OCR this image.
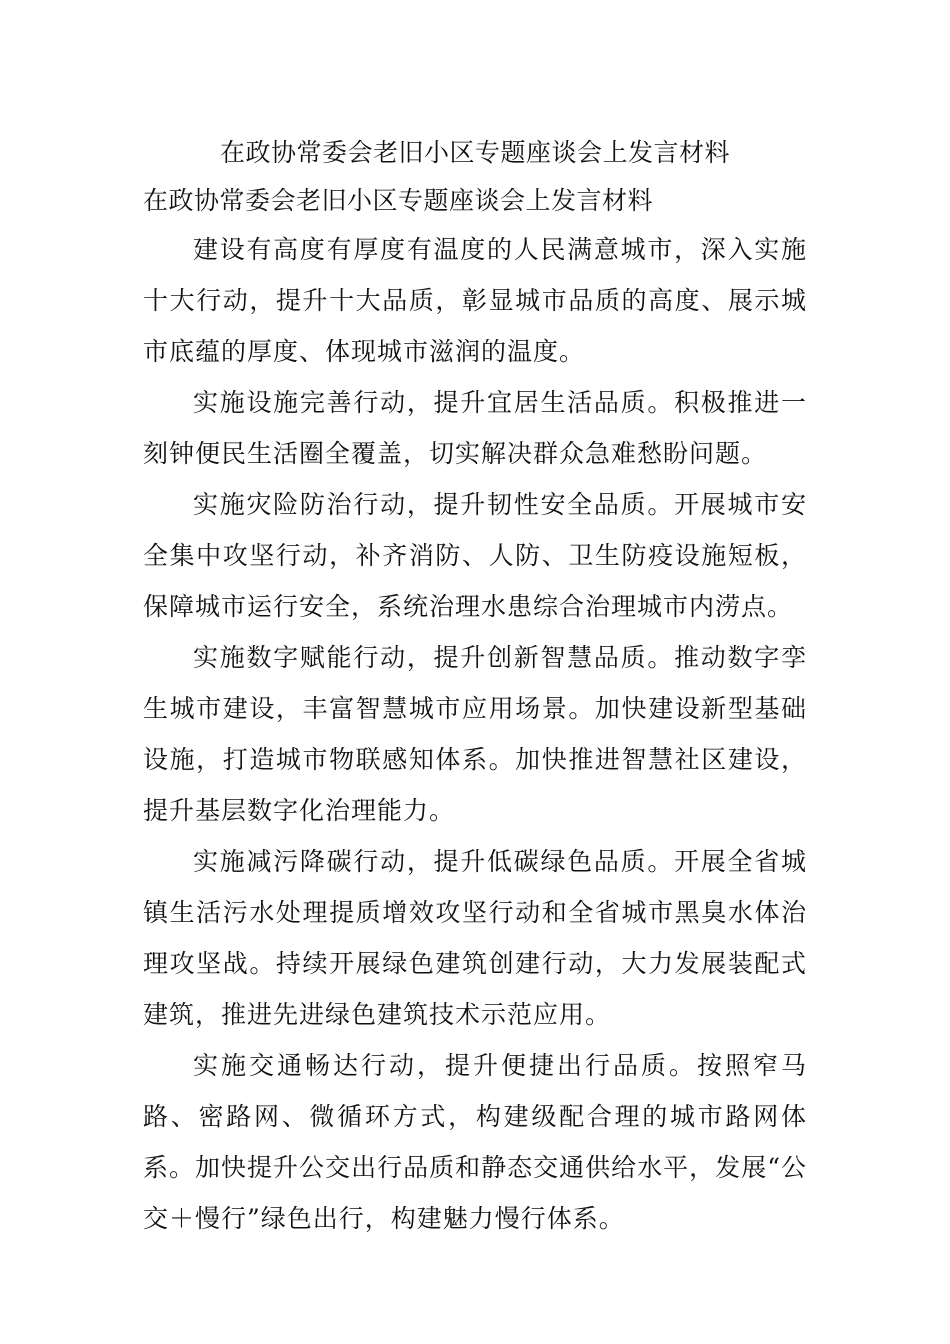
在政协常委会老旧小区专题座谈会上发言材料
在政协常委会老旧小区专题座谈会上发言材料

建设有高度有厚度有温度的人民满意城市，深入实施十大行动，提升十大品质，彰显城市品质的高度、展示城市底蕴的厚度、体现城市滋润的温度。

实施设施完善行动，提升宜居生活品质。积极推进一刻钟便民生活圈全覆盖，切实解决群众急难愁盼问题。

实施灾险防治行动，提升韧性安全品质。开展城市安全集中攻坚行动，补齐消防、人防、卫生防疫设施短板，保障城市运行安全，系统治理水患综合治理城市内涝点。

实施数字赋能行动，提升创新智慧品质。推动数字孪生城市建设，丰富智慧城市应用场景。加快建设新型基础设施，打造城市物联感知体系。加快推进智慧社区建设，提升基层数字化治理能力。

实施减污降碳行动，提升低碳绿色品质。开展全省城镇生活污水处理提质增效攻坚行动和全省城市黑臭水体治理攻坚战。持续开展绿色建筑创建行动，大力发展装配式建筑，推进先进绿色建筑技术示范应用。

实施交通畅达行动，提升便捷出行品质。按照窄马路、密路网、微循环方式，构建级配合理的城市路网体系。加快提升公交出行品质和静态交通供给水平，发展“公交＋慢行”绿色出行，构建魅力慢行体系。
